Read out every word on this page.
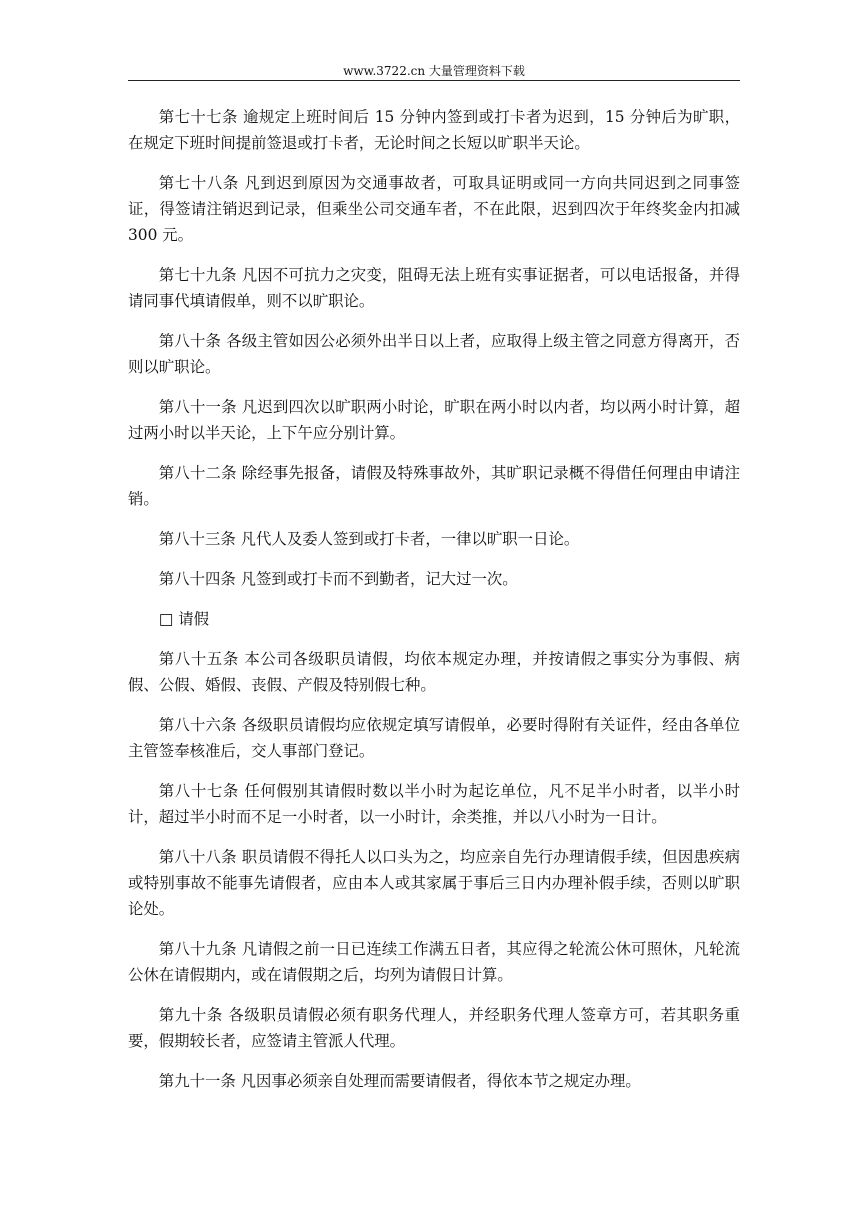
www.3722.cn 大量管理资料下载

第七十七条 逾规定上班时间后 15 分钟内签到或打卡者为迟到，15 分钟后为旷职，在规定下班时间提前签退或打卡者，无论时间之长短以旷职半天论。

第七十八条 凡到迟到原因为交通事故者，可取具证明或同一方向共同迟到之同事签证，得签请注销迟到记录，但乘坐公司交通车者，不在此限，迟到四次于年终奖金内扣减 300 元。

第七十九条 凡因不可抗力之灾变，阻碍无法上班有实事证据者，可以电话报备，并得请同事代填请假单，则不以旷职论。

第八十条 各级主管如因公必须外出半日以上者，应取得上级主管之同意方得离开，否则以旷职论。

第八十一条 凡迟到四次以旷职两小时论，旷职在两小时以内者，均以两小时计算，超过两小时以半天论，上下午应分别计算。

第八十二条 除经事先报备，请假及特殊事故外，其旷职记录概不得借任何理由申请注销。

第八十三条 凡代人及委人签到或打卡者，一律以旷职一日论。

第八十四条 凡签到或打卡而不到勤者，记大过一次。

□ 请假

第八十五条 本公司各级职员请假，均依本规定办理，并按请假之事实分为事假、病假、公假、婚假、丧假、产假及特别假七种。

第八十六条 各级职员请假均应依规定填写请假单，必要时得附有关证件，经由各单位主管签奉核准后，交人事部门登记。

第八十七条 任何假别其请假时数以半小时为起讫单位，凡不足半小时者，以半小时计，超过半小时而不足一小时者，以一小时计，余类推，并以八小时为一日计。

第八十八条 职员请假不得托人以口头为之，均应亲自先行办理请假手续，但因患疾病或特别事故不能事先请假者，应由本人或其家属于事后三日内办理补假手续，否则以旷职论处。

第八十九条 凡请假之前一日已连续工作满五日者，其应得之轮流公休可照休，凡轮流公休在请假期内，或在请假期之后，均列为请假日计算。

第九十条 各级职员请假必须有职务代理人，并经职务代理人签章方可，若其职务重要，假期较长者，应签请主管派人代理。

第九十一条 凡因事必须亲自处理而需要请假者，得依本节之规定办理。
